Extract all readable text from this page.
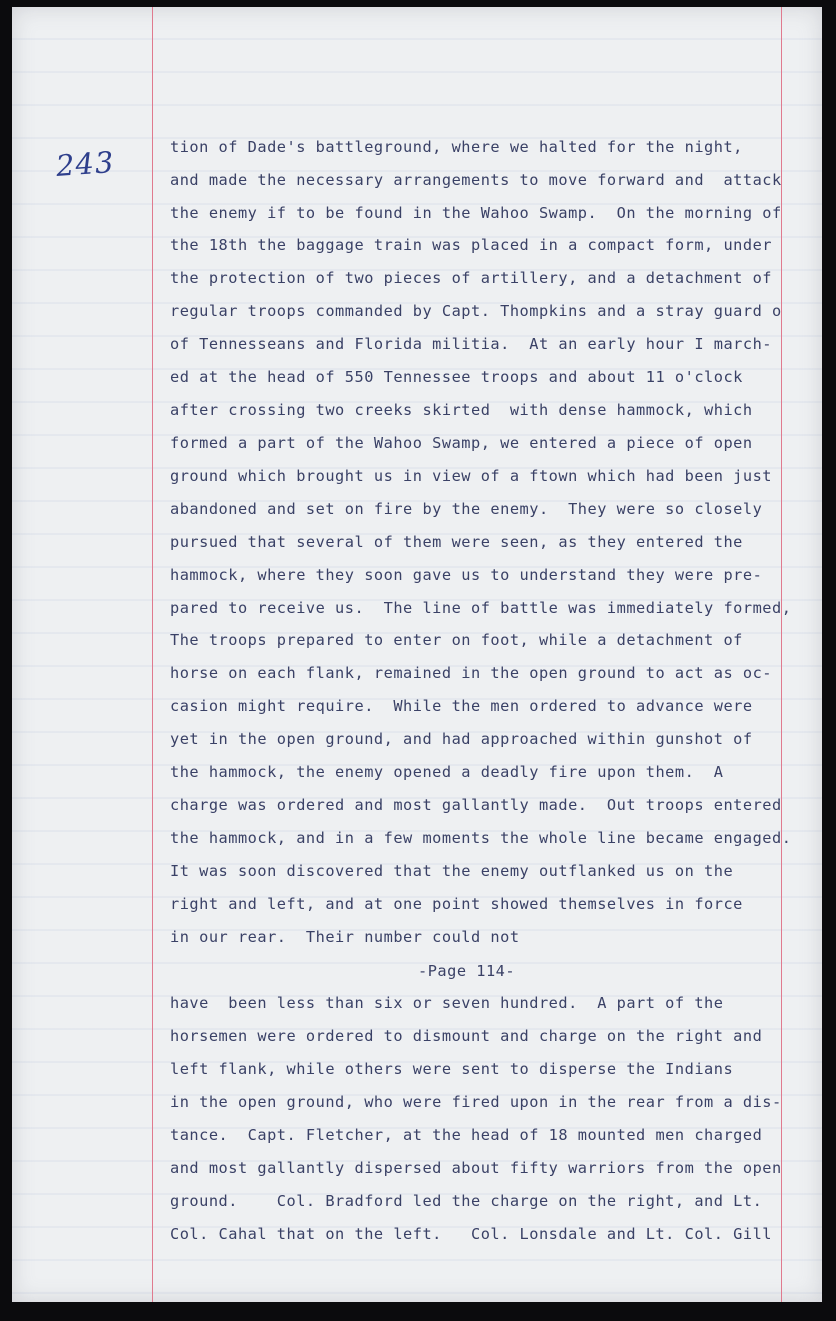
243	tion of Dade's battleground, where we halted for the night,
and made the necessary arrangements to move forward and  attack
the enemy if to be found in the Wahoo Swamp.  On the morning of
the 18th the baggage train was placed in a compact form, under
the protection of two pieces of artillery, and a detachment of
regular troops commanded by Capt. Thompkins and a stray guard o
of Tennesseans and Florida militia.  At an early hour I march-
ed at the head of 550 Tennessee troops and about 11 o'clock
after crossing two creeks skirted  with dense hammock, which
formed a part of the Wahoo Swamp, we entered a piece of open
ground which brought us in view of a ftown which had been just
abandoned and set on fire by the enemy.  They were so closely
pursued that several of them were seen, as they entered the
hammock, where they soon gave us to understand they were pre-
pared to receive us.  The line of battle was immediately formed,
The troops prepared to enter on foot, while a detachment of
horse on each flank, remained in the open ground to act as oc-
casion might require.  While the men ordered to advance were
yet in the open ground, and had approached within gunshot of
the hammock, the enemy opened a deadly fire upon them.  A
charge was ordered and most gallantly made.  Out troops entered
the hammock, and in a few moments the whole line became engaged.
It was soon discovered that the enemy outflanked us on the
right and left, and at one point showed themselves in force
in our rear.  Their number could not
-Page 114-
have  been less than six or seven hundred.  A part of the
horsemen were ordered to dismount and charge on the right and
left flank, while others were sent to disperse the Indians
in the open ground, who were fired upon in the rear from a dis-
tance.  Capt. Fletcher, at the head of 18 mounted men charged
and most gallantly dispersed about fifty warriors from the open
ground.    Col. Bradford led the charge on the right, and Lt.
Col. Cahal that on the left.   Col. Lonsdale and Lt. Col. Gill
